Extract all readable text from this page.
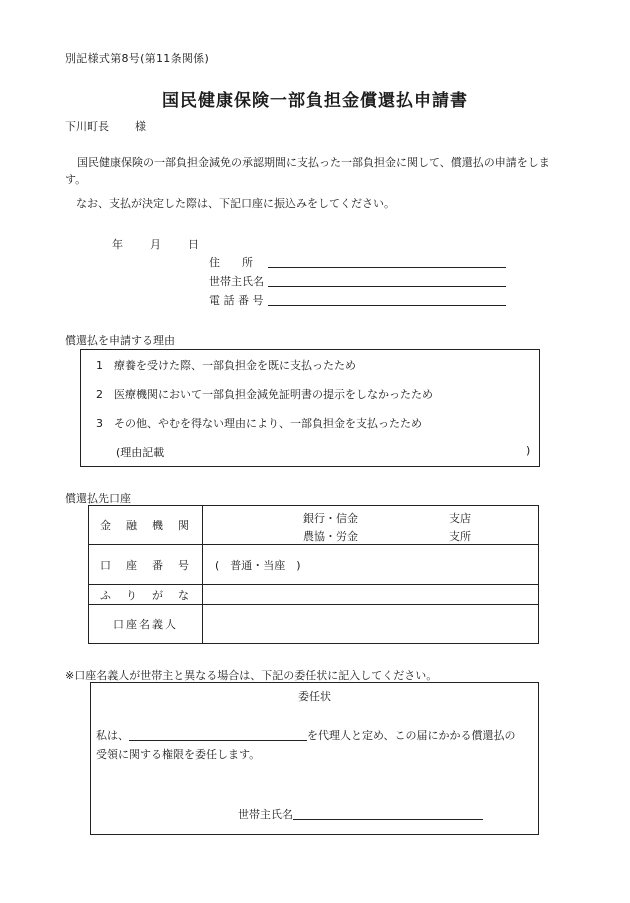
別記様式第8号(第11条関係)
国民健康保険一部負担金償還払申請書
下川町長 様
国民健康保険の一部負担金減免の承認期間に支払った一部負担金に関して、償還払の申請をします。
なお、支払が決定した際は、下記口座に振込みをしてください。
年 月 日
住　　所
世帯主氏名
電 話 番 号
償還払を申請する理由
1 療養を受けた際、一部負担金を既に支払ったため
2 医療機関において一部負担金減免証明書の提示をしなかったため
3 その他、やむを得ない理由により、一部負担金を支払ったため
(理由記載	)
償還払先口座
金　融　機　関	銀行・信金 支店
農協・労金 支所

口　座　番　号	(　普通・当座　)
ふ　り　が　な	
口座名義人	
※口座名義人が世帯主と異なる場合は、下記の委任状に記入してください。
委任状
私は、	を代理人と定め、この届にかかる償還払の
受領に関する権限を委任します。
世帯主氏名
